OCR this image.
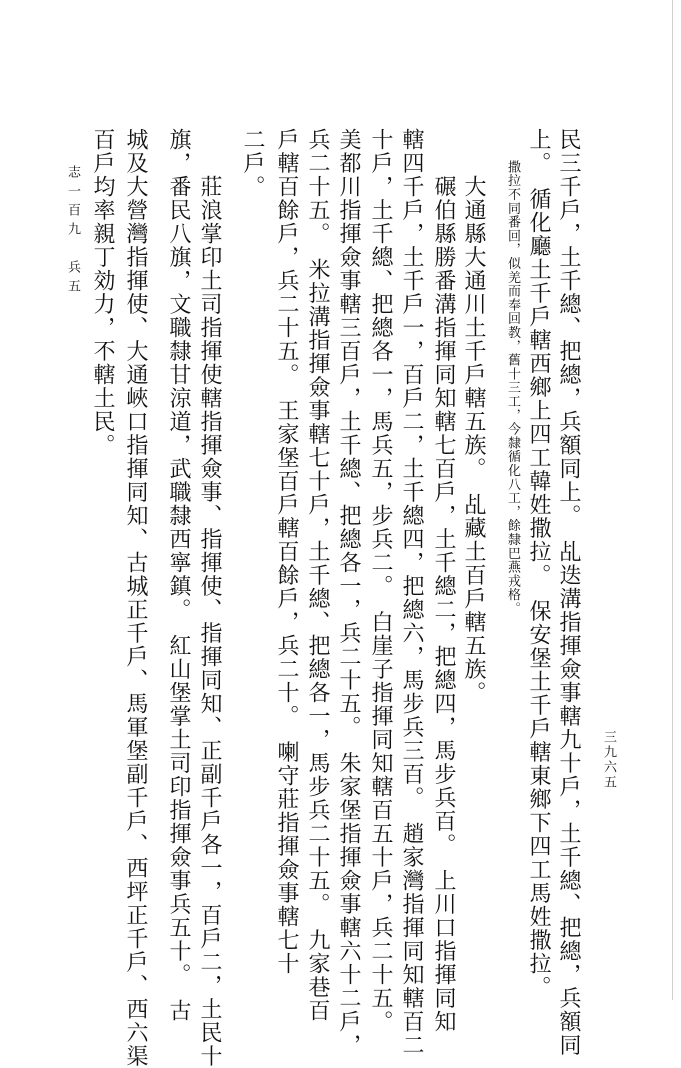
志一百九　兵五
三九六五
民三千戶，土千總、把總，兵額同上。　乩迭溝指揮僉事轄九十戶，土千總、把總，兵額同
上。　循化廳土千戶轄西鄉上四工韓姓撒拉。　保安堡土千戶轄東鄉下四工馬姓撒拉。
撒拉不同番回，似羌而奉回教，舊十三工，今隸循化八工，餘隸巴燕戎格。
大通縣大通川土千戶轄五族。　乩藏土百戶轄五族。
碾伯縣勝番溝指揮同知轄七百戶，土千總二，把總四，馬步兵百。　上川口指揮同知
轄四千戶，土千戶一，百戶二，土千總四，把總六，馬步兵三百。　趙家灣指揮同知轄百二
十戶，土千總、把總各一，馬兵五，步兵二。　白崖子指揮同知轄百五十戶，兵二十五。
美都川指揮僉事轄三百戶，土千總、把總各一，兵二十五。　朱家堡指揮僉事轄六十二戶，
兵二十五。　米拉溝指揮僉事轄七十戶，土千總、把總各一，馬步兵二十五。　九家巷百
戶轄百餘戶，兵二十五。　王家堡百戶轄百餘戶，兵二十。　喇守莊指揮僉事轄七十
二戶。
莊浪掌印土司指揮使轄指揮僉事、指揮使、指揮同知、正副千戶各一，百戶二，土民十
旗，番民八旗，文職隸甘涼道，武職隸西寧鎮。　紅山堡掌土司印指揮僉事兵五十。　古
城及大營灣指揮使、大通峽口指揮同知、古城正千戶、馬軍堡副千戶、西坪正千戶、西六渠
百戶均率親丁効力，不轄土民。
